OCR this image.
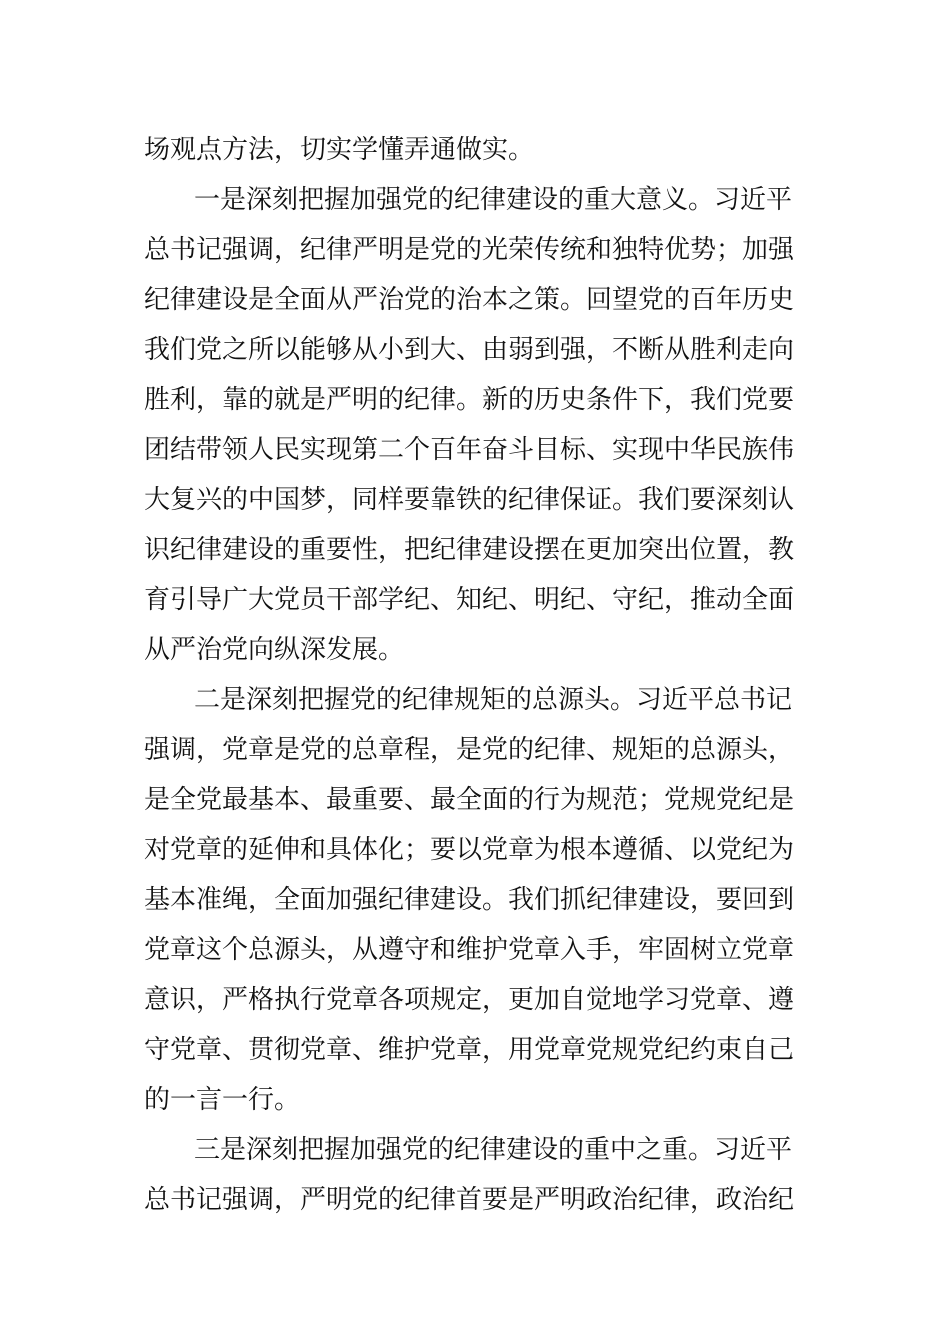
场观点方法，切实学懂弄通做实。
一是深刻把握加强党的纪律建设的重大意义。习近平
总书记强调，纪律严明是党的光荣传统和独特优势；加强
纪律建设是全面从严治党的治本之策。回望党的百年历史
我们党之所以能够从小到大、由弱到强，不断从胜利走向
胜利，靠的就是严明的纪律。新的历史条件下，我们党要
团结带领人民实现第二个百年奋斗目标、实现中华民族伟
大复兴的中国梦，同样要靠铁的纪律保证。我们要深刻认
识纪律建设的重要性，把纪律建设摆在更加突出位置，教
育引导广大党员干部学纪、知纪、明纪、守纪，推动全面
从严治党向纵深发展。
二是深刻把握党的纪律规矩的总源头。习近平总书记
强调，党章是党的总章程，是党的纪律、规矩的总源头，
是全党最基本、最重要、最全面的行为规范；党规党纪是
对党章的延伸和具体化；要以党章为根本遵循、以党纪为
基本准绳，全面加强纪律建设。我们抓纪律建设，要回到
党章这个总源头，从遵守和维护党章入手，牢固树立党章
意识，严格执行党章各项规定，更加自觉地学习党章、遵
守党章、贯彻党章、维护党章，用党章党规党纪约束自己
的一言一行。
三是深刻把握加强党的纪律建设的重中之重。习近平
总书记强调，严明党的纪律首要是严明政治纪律，政治纪
